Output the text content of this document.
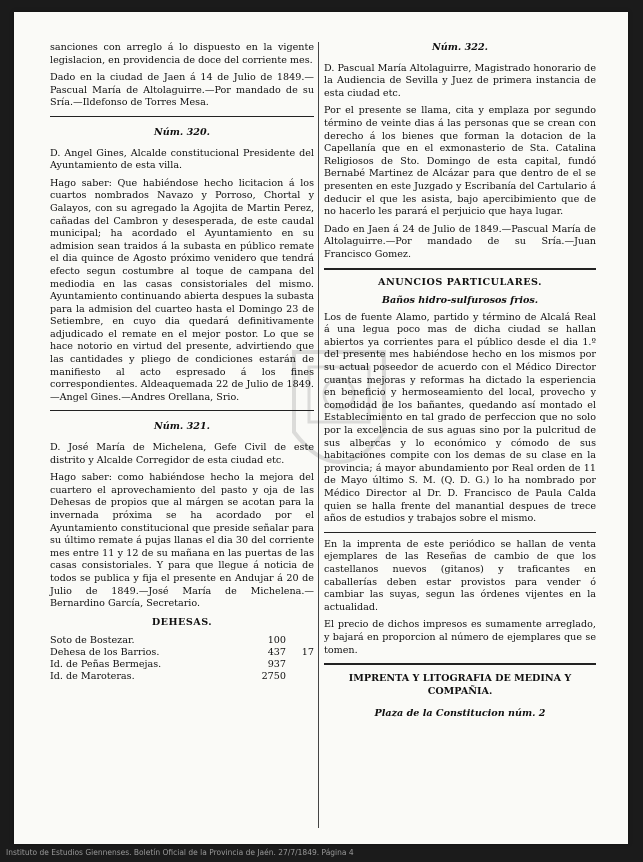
sanciones con arreglo á lo dispuesto en la vigente legislacion, en providencia de doce del corriente mes.

Dado en la ciudad de Jaen á 14 de Julio de 1849.—Pascual María de Altolaguirre.—Por mandado de su Sría.—Ildefonso de Torres Mesa.

Núm. 320.

D. Angel Gines, Alcalde constitucional Presidente del Ayuntamiento de esta villa.

Hago saber: Que habiéndose hecho licitacion á los cuartos nombrados Navazo y Porroso, Chortal y Galayos, con su agregado la Agojita de Martin Perez, cañadas del Cambron y desesperada, de este caudal municipal; ha acordado el Ayuntamiento en su admision sean traidos á la subasta en público remate el dia quince de Agosto próximo venidero que tendrá efecto segun costumbre al toque de campana del mediodia en las casas consistoriales del mismo. Ayuntamiento continuando abierta despues la subasta para la admision del cuarteo hasta el Domingo 23 de Setiembre, en cuyo dia quedará definitivamente adjudicado el remate en el mejor postor. Lo que se hace notorio en virtud del presente, advirtiendo que las cantidades y pliego de condiciones estarán de manifiesto al acto espresado á los fines correspondientes. Aldeaquemada 22 de Julio de 1849.—Angel Gines.—Andres Orellana, Srio.

Núm. 321.

D. José María de Michelena, Gefe Civil de este distrito y Alcalde Corregidor de esta ciudad etc.

Hago saber: como habiéndose hecho la mejora del cuartero el aprovechamiento del pasto y oja de las Dehesas de propios que al márgen se acotan para la invernada próxima se ha acordado por el Ayuntamiento constitucional que preside señalar para su último remate á pujas llanas el dia 30 del corriente mes entre 11 y 12 de su mañana en las puertas de las casas consistoriales. Y para que llegue á noticia de todos se publica y fija el presente en Andujar á 20 de Julio de 1849.—José María de Michelena.—Bernardino García, Secretario.

DEHESAS.
Soto de Bostezar.	100	
Dehesa de los Barrios.	437	17
Id. de Peñas Bermejas.	937	
Id. de Maroteras.	2750	
Núm. 322.

D. Pascual María Altolaguirre, Magistrado honorario de la Audiencia de Sevilla y Juez de primera instancia de esta ciudad etc.

Por el presente se llama, cita y emplaza por segundo término de veinte dias á las personas que se crean con derecho á los bienes que forman la dotacion de la Capellanía que en el exmonasterio de Sta. Catalina Religiosos de Sto. Domingo de esta capital, fundó Bernabé Martinez de Alcázar para que dentro de el se presenten en este Juzgado y Escribanía del Cartulario á deducir el que les asista, bajo apercibimiento que de no hacerlo les parará el perjuicio que haya lugar.

Dado en Jaen á 24 de Julio de 1849.—Pascual María de Altolaguirre.—Por mandado de su Sría.—Juan Francisco Gomez.

ANUNCIOS PARTICULARES.
Baños hidro-sulfurosos frios.

Los de fuente Alamo, partido y término de Alcalá Real á una legua poco mas de dicha ciudad se hallan abiertos ya corrientes para el público desde el dia 1.º del presente mes habiéndose hecho en los mismos por su actual poseedor de acuerdo con el Médico Director cuantas mejoras y reformas ha dictado la esperiencia en beneficio y hermoseamiento del local, provecho y comodidad de los bañantes, quedando así montado el Establecimiento en tal grado de perfeccion que no solo por la excelencia de sus aguas sino por la pulcritud de sus albercas y lo económico y cómodo de sus habitaciones compite con los demas de su clase en la provincia; á mayor abundamiento por Real orden de 11 de Mayo último S. M. (Q. D. G.) lo ha nombrado por Médico Director al Dr. D. Francisco de Paula Calda quien se halla frente del manantial despues de trece años de estudios y trabajos sobre el mismo.

En la imprenta de este periódico se hallan de venta ejemplares de las Reseñas de cambio de que los castellanos nuevos (gitanos) y traficantes en caballerías deben estar provistos para vender ó cambiar las suyas, segun las órdenes vijentes en la actualidad.

El precio de dichos impresos es sumamente arreglado, y bajará en proporcion al número de ejemplares que se tomen.

IMPRENTA Y LITOGRAFIA DE MEDINA Y COMPAÑIA.
Plaza de la Constitucion núm. 2
Instituto de Estudios Giennenses. Boletín Oficial de la Provincia de Jaén. 27/7/1849. Página 4
